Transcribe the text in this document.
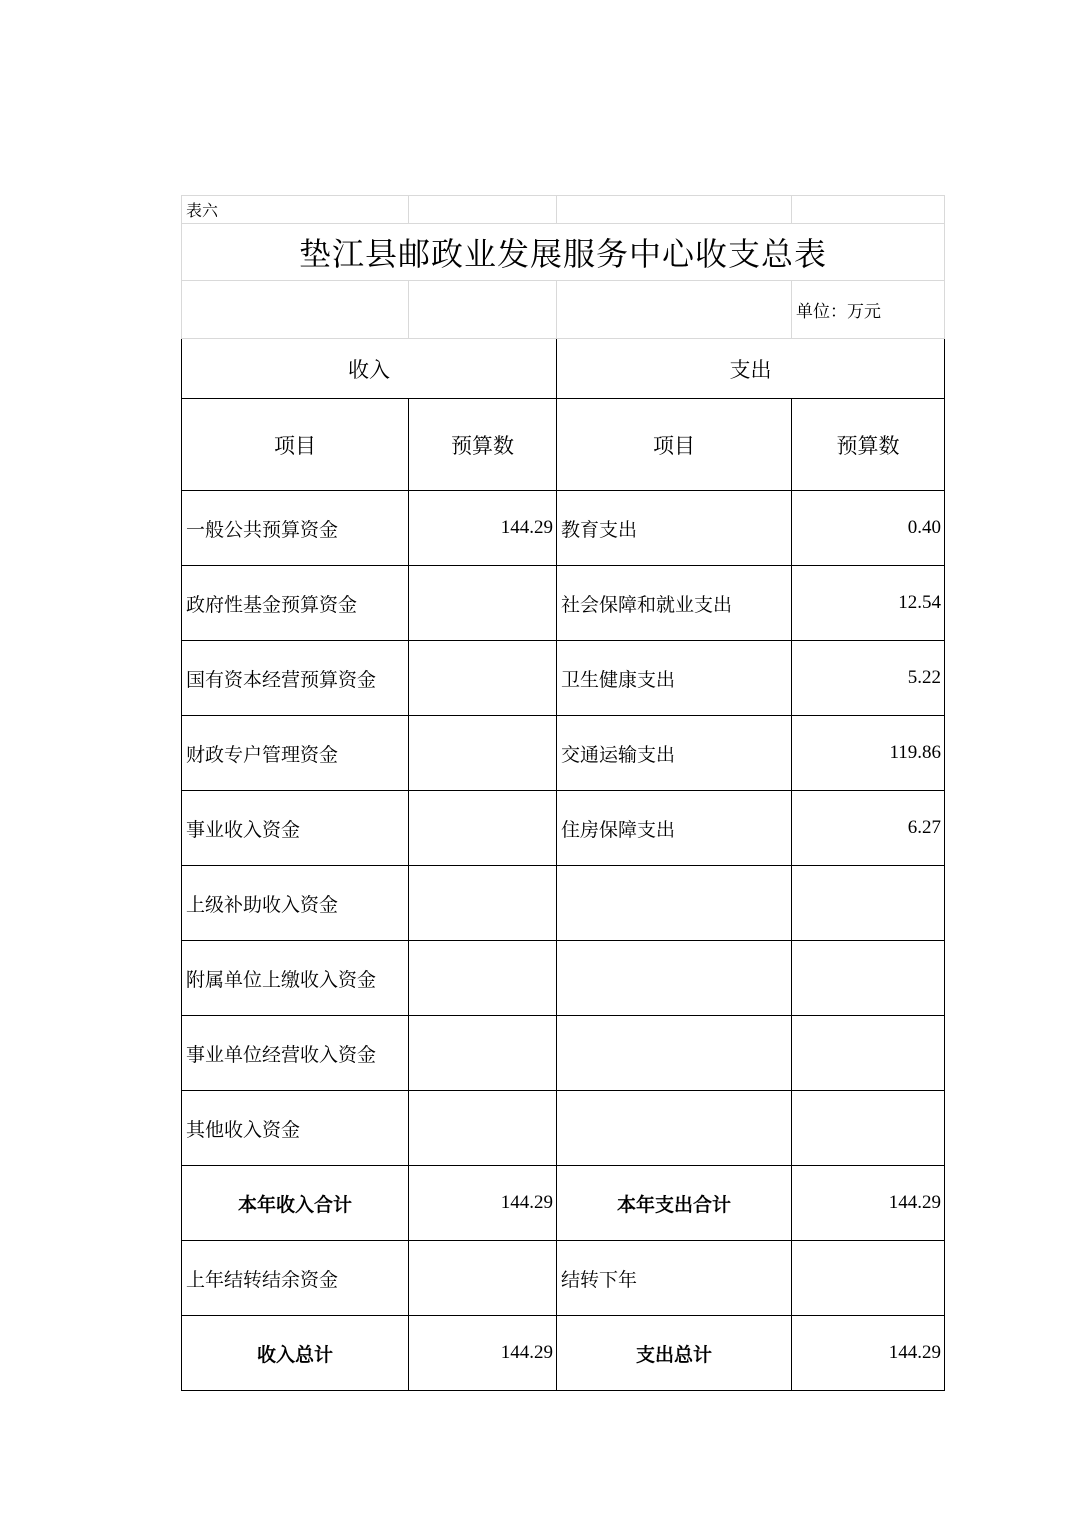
表六			
垫江县邮政业发展服务中心收支总表			
			单位：万元
收入		支出	
项目	预算数	项目	预算数
一般公共预算资金	144.29	教育支出	0.40
政府性基金预算资金		社会保障和就业支出	12.54
国有资本经营预算资金		卫生健康支出	5.22
财政专户管理资金		交通运输支出	119.86
事业收入资金		住房保障支出	6.27
上级补助收入资金			
附属单位上缴收入资金			
事业单位经营收入资金			
其他收入资金			
本年收入合计	144.29	本年支出合计	144.29
上年结转结余资金		结转下年	
收入总计	144.29	支出总计	144.29
